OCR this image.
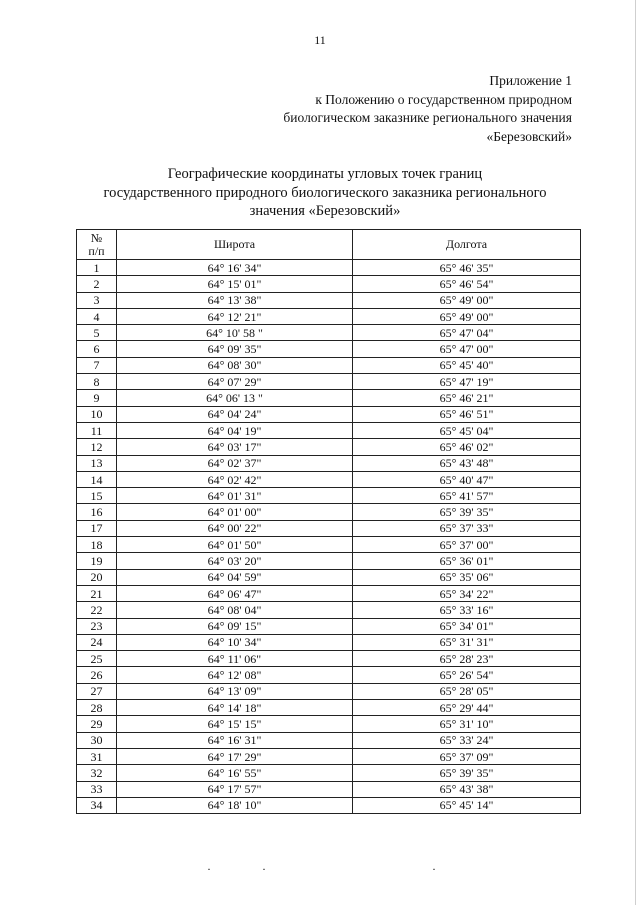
11
Приложение 1
к Положению о государственном природном
биологическом заказнике регионального значения
«Березовский»
Географические координаты угловых точек границ
государственного природного биологического заказника регионального
значения «Березовский»
№
п/п	Широта	Долгота
1	64° 16' 34"	65° 46' 35"
2	64° 15' 01"	65° 46' 54"
3	64° 13' 38"	65° 49' 00"
4	64° 12' 21"	65° 49' 00"
5	64° 10' 58 "	65° 47' 04"
6	64° 09' 35"	65° 47' 00"
7	64° 08' 30"	65° 45' 40"
8	64° 07' 29"	65° 47' 19"
9	64° 06' 13 "	65° 46' 21"
10	64° 04' 24"	65° 46' 51"
11	64° 04' 19"	65° 45' 04"
12	64° 03' 17"	65° 46' 02"
13	64° 02' 37"	65° 43' 48"
14	64° 02' 42"	65° 40' 47"
15	64° 01' 31"	65° 41' 57"
16	64° 01' 00"	65° 39' 35"
17	64° 00' 22"	65° 37' 33"
18	64° 01' 50"	65° 37' 00"
19	64° 03' 20"	65° 36' 01"
20	64° 04' 59"	65° 35' 06"
21	64° 06' 47"	65° 34' 22"
22	64° 08' 04"	65° 33' 16"
23	64° 09' 15"	65° 34' 01"
24	64° 10' 34"	65° 31' 31"
25	64° 11' 06"	65° 28' 23"
26	64° 12' 08"	65° 26' 54"
27	64° 13' 09"	65° 28' 05"
28	64° 14' 18"	65° 29' 44"
29	64° 15' 15"	65° 31' 10"
30	64° 16' 31"	65° 33' 24"
31	64° 17' 29"	65° 37' 09"
32	64° 16' 55"	65° 39' 35"
33	64° 17' 57"	65° 43' 38"
34	64° 18' 10"	65° 45' 14"
·	·	·
